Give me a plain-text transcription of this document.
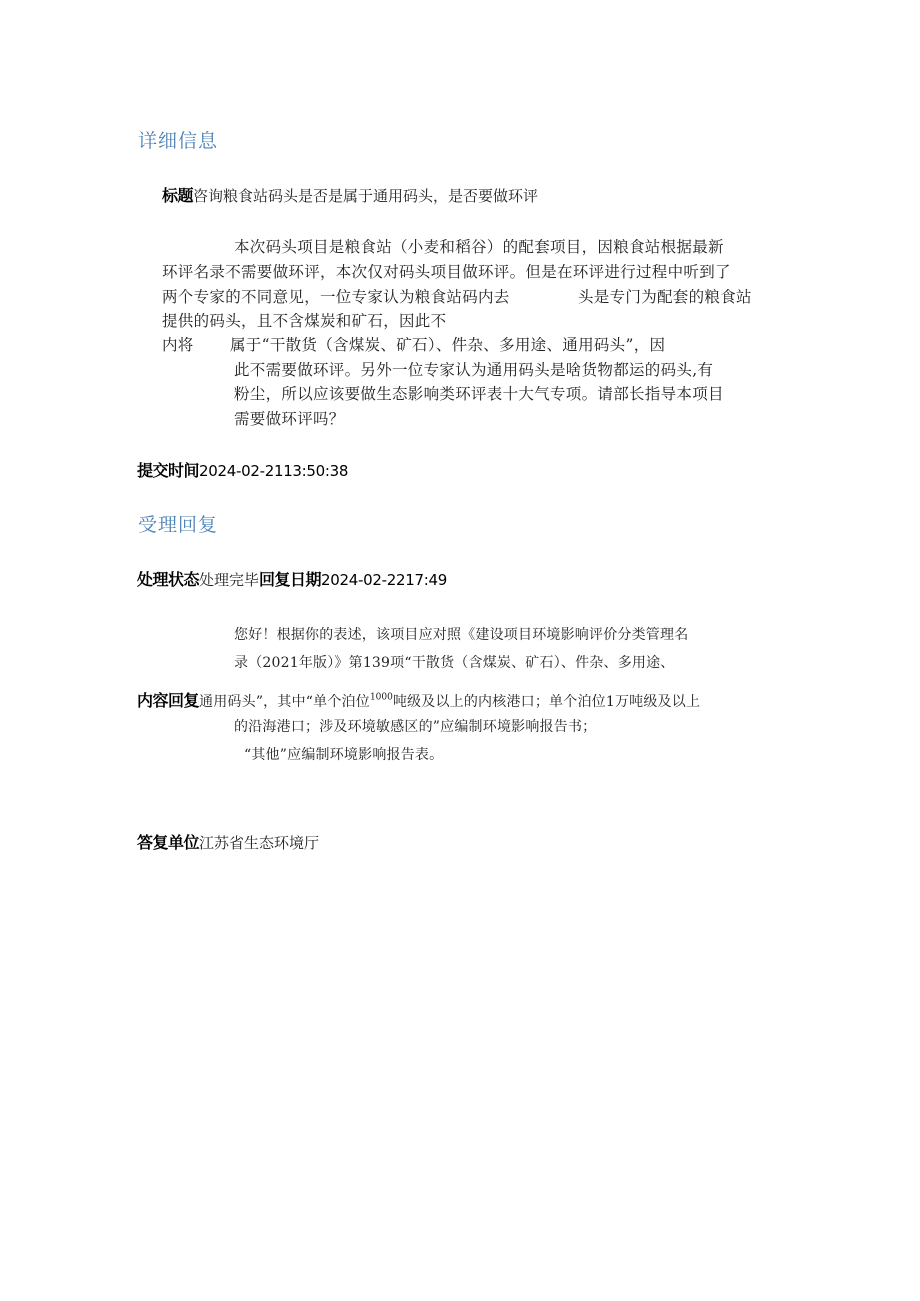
详细信息
标题咨询粮食站码头是否是属于通用码头，是否要做环评
本次码头项目是粮食站（小麦和稻谷）的配套项目，因粮食站根据最新
环评名录不需要做环评，本次仅对码头项目做环评。但是在环评进行过程中听到了
两个专家的不同意见，一位专家认为粮食站码内去	头是专门为配套的粮食站
提供的码头，且不含煤炭和矿石，因此不
内将 属于“干散货（含煤炭、矿石）、件杂、多用途、通用码头”，因
此不需要做环评。另外一位专家认为通用码头是啥货物都运的码头,有
粉尘，所以应该要做生态影响类环评表十大气专项。请部长指导本项目
需要做环评吗？
提交时间2024-02-2113:50:38
受理回复
处理状态处理完毕回复日期2024-02-2217:49
您好！根据你的表述，该项目应对照《建设项目环境影响评价分类管理名
录（2021年版）》第139项“干散货（含煤炭、矿石）、件杂、多用途、
内容回复通用码头”，其中“单个泊位$^{1000}$吨级及以上的内核港口；单个泊位1万吨级及以上
的沿海港口；涉及环境敏感区的”应编制环境影响报告书；
“其他”应编制环境影响报告表。
答复单位江苏省生态环境厅
